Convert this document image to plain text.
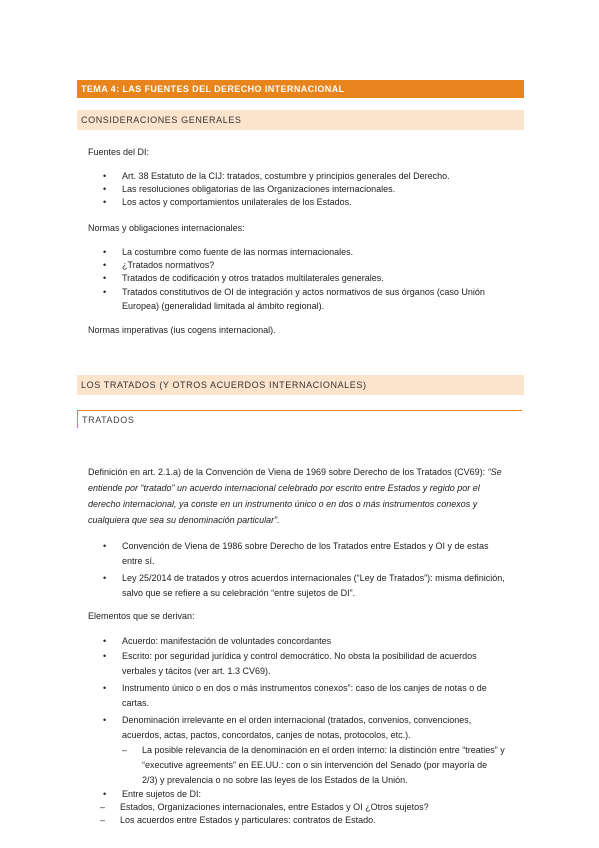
TEMA 4: LAS FUENTES DEL DERECHO INTERNACIONAL
CONSIDERACIONES GENERALES
Fuentes del DI:
• Art. 38 Estatuto de la CIJ: tratados, costumbre y principios generales del Derecho.
• Las resoluciones obligatorias de las Organizaciones internacionales.
• Los actos y comportamientos unilaterales de los Estados.
Normas y obligaciones internacionales:
• La costumbre como fuente de las normas internacionales.
• ¿Tratados normativos?
• Tratados de codificación y otros tratados multilaterales generales.
• Tratados constitutivos de OI de integración y actos normativos de sus órganos (caso Unión Europea) (generalidad limitada al ámbito regional).
Normas imperativas (ius cogens internacional).
LOS TRATADOS (Y OTROS ACUERDOS INTERNACIONALES)
TRATADOS
Definición en art. 2.1.a) de la Convención de Viena de 1969 sobre Derecho de los Tratados (CV69): “Se entiende por “tratado” un acuerdo internacional celebrado por escrito entre Estados y regido por el derecho internacional, ya conste en un instrumento único o en dos o más instrumentos conexos y cualquiera que sea su denominación particular”.
• Convención de Viena de 1986 sobre Derecho de los Tratados entre Estados y OI y de estas entre sí.
• Ley 25/2014 de tratados y otros acuerdos internacionales (“Ley de Tratados”): misma definición, salvo que se refiere a su celebración “entre sujetos de DI”.
Elementos que se derivan:
• Acuerdo: manifestación de voluntades concordantes
• Escrito: por seguridad jurídica y control democrático. No obsta la posibilidad de acuerdos verbales y tácitos (ver art. 1.3 CV69).
• Instrumento único o en dos o más instrumentos conexos”: caso de los canjes de notas o de cartas.
• Denominación irrelevante en el orden internacional (tratados, convenios, convenciones, acuerdos, actas, pactos, concordatos, canjes de notas, protocolos, etc.).
– La posible relevancia de la denominación en el orden interno: la distinción entre “treaties” y “executive agreements” en EE.UU.: con o sin intervención del Senado (por mayoría de 2/3) y prevalencia o no sobre las leyes de los Estados de la Unión.
• Entre sujetos de DI:
– Estados, Organizaciones internacionales, entre Estados y OI ¿Otros sujetos?
– Los acuerdos entre Estados y particulares: contratos de Estado.
